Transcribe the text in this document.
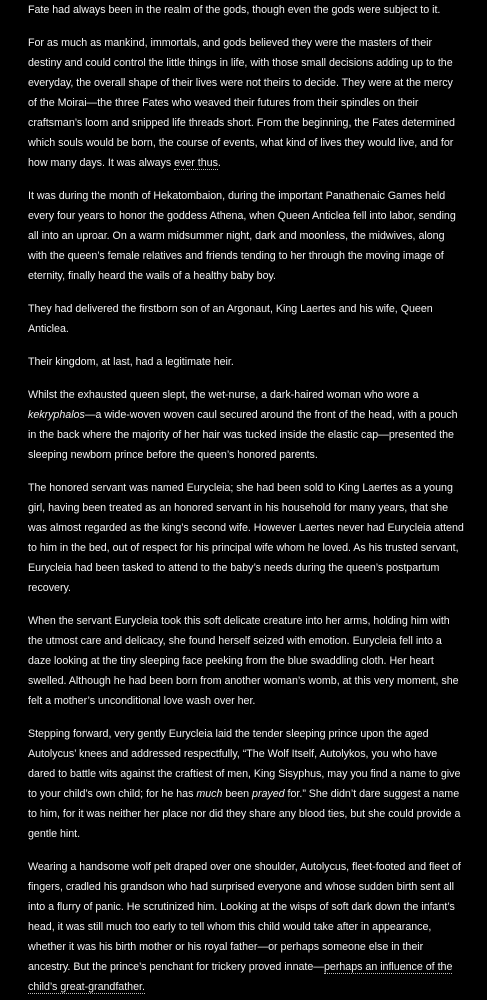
Fate had always been in the realm of the gods, though even the gods were subject to it.

For as much as mankind, immortals, and gods believed they were the masters of their destiny and could control the little things in life, with those small decisions adding up to the everyday, the overall shape of their lives were not theirs to decide. They were at the mercy of the Moirai—the three Fates who weaved their futures from their spindles on their craftsman’s loom and snipped life threads short. From the beginning, the Fates determined which souls would be born, the course of events, what kind of lives they would live, and for how many days. It was always ever thus.

It was during the month of Hekatombaion, during the important Panathenaic Games held every four years to honor the goddess Athena, when Queen Anticlea fell into labor, sending all into an uproar. On a warm midsummer night, dark and moonless, the midwives, along with the queen’s female relatives and friends tending to her through the moving image of eternity, finally heard the wails of a healthy baby boy.

They had delivered the firstborn son of an Argonaut, King Laertes and his wife, Queen Anticlea.

Their kingdom, at last, had a legitimate heir.

Whilst the exhausted queen slept, the wet-nurse, a dark-haired woman who wore a kekryphalos—a wide-woven woven caul secured around the front of the head, with a pouch in the back where the majority of her hair was tucked inside the elastic cap—presented the sleeping newborn prince before the queen’s honored parents.

The honored servant was named Eurycleia; she had been sold to King Laertes as a young girl, having been treated as an honored servant in his household for many years, that she was almost regarded as the king’s second wife. However Laertes never had Eurycleia attend to him in the bed, out of respect for his principal wife whom he loved. As his trusted servant, Eurycleia had been tasked to attend to the baby’s needs during the queen’s postpartum recovery.

When the servant Eurycleia took this soft delicate creature into her arms, holding him with the utmost care and delicacy, she found herself seized with emotion. Eurycleia fell into a daze looking at the tiny sleeping face peeking from the blue swaddling cloth. Her heart swelled. Although he had been born from another woman’s womb, at this very moment, she felt a mother’s unconditional love wash over her.

Stepping forward, very gently Eurycleia laid the tender sleeping prince upon the aged Autolycus’ knees and addressed respectfully, “The Wolf Itself, Autolykos, you who have dared to battle wits against the craftiest of men, King Sisyphus, may you find a name to give to your child’s own child; for he has much been prayed for.” She didn’t dare suggest a name to him, for it was neither her place nor did they share any blood ties, but she could provide a gentle hint.

Wearing a handsome wolf pelt draped over one shoulder, Autolycus, fleet-footed and fleet of fingers, cradled his grandson who had surprised everyone and whose sudden birth sent all into a flurry of panic. He scrutinized him. Looking at the wisps of soft dark down the infant’s head, it was still much too early to tell whom this child would take after in appearance, whether it was his birth mother or his royal father—or perhaps someone else in their ancestry. But the prince’s penchant for trickery proved innate—perhaps an influence of the child’s great-grandfather.
